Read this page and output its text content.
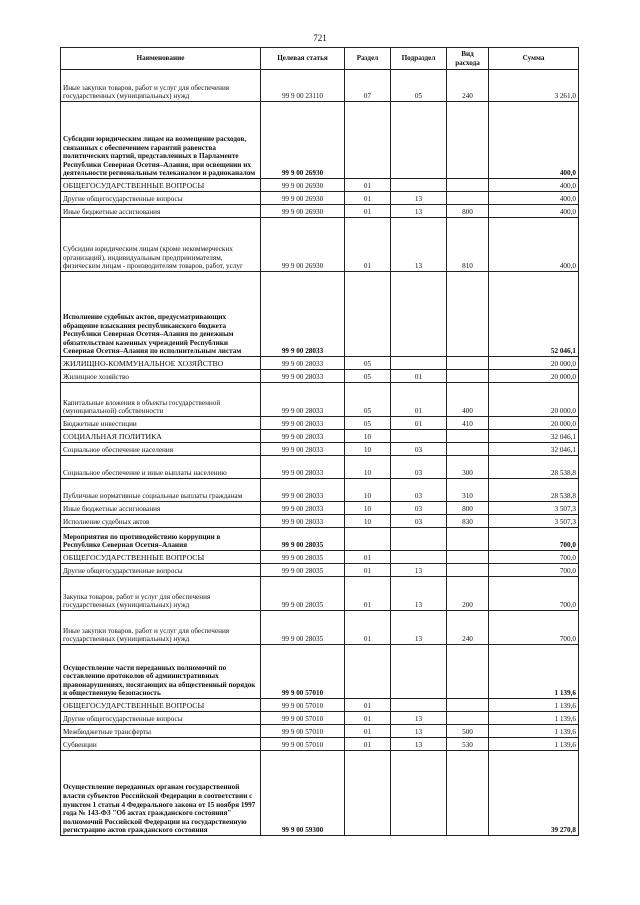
721
Наименование	Целевая статья	Раздел	Подраздел	Вид расхода	Сумма
Иные закупки товаров, работ и услуг для обеспечения государственных (муниципальных) нужд	99 9 00 23110	07	05	240	3 261,0
Субсидии юридическим лицам на возмещение расходов, связанных с обеспечением гарантий равенства политических партий, представленных в Парламенте Республики Северная Осетия–Алания, при освещении их деятельности региональным телеканалом и радиоканалом	99 9 00 26930				400,0
ОБЩЕГОСУДАРСТВЕННЫЕ ВОПРОСЫ	99 9 00 26930	01			400,0
Другие общегосударственные вопросы	99 9 00 26930	01	13		400,0
Иные бюджетные ассигнования	99 9 00 26930	01	13	800	400,0
Субсидии юридическим лицам (кроме некоммерческих организаций), индивидуальным предпринимателям, физическим лицам - производителям товаров, работ, услуг	99 9 00 26930	01	13	810	400,0
Исполнение судебных актов, предусматривающих обращение взыскания республиканского бюджета Республики Северная Осетия–Алания по денежным обязательствам казенных учреждений Республики Северная Осетия–Алания по исполнительным листам	99 9 00 28033				52 046,1
ЖИЛИЩНО-КОММУНАЛЬНОЕ ХОЗЯЙСТВО	99 9 00 28033	05			20 000,0
Жилищное хозяйство	99 9 00 28033	05	01		20 000,0
Капитальные вложения в объекты государственной (муниципальной) собственности	99 9 00 28033	05	01	400	20 000,0
Бюджетные инвестиции	99 9 00 28033	05	01	410	20 000,0
СОЦИАЛЬНАЯ ПОЛИТИКА	99 9 00 28033	10			32 046,1
Социальное обеспечение населения	99 9 00 28033	10	03		32 046,1
Социальное обеспечение и иные выплаты населению	99 9 00 28033	10	03	300	28 538,8
Публичные нормативные социальные выплаты гражданам	99 9 00 28033	10	03	310	28 538,8
Иные бюджетные ассигнования	99 9 00 28033	10	03	800	3 507,3
Исполнение судебных актов	99 9 00 28033	10	03	830	3 507,3
Мероприятия по противодействию коррупции в Республике Северная Осетия–Алания	99 9 00 28035				700,0
ОБЩЕГОСУДАРСТВЕННЫЕ ВОПРОСЫ	99 9 00 28035	01			700,0
Другие общегосударственные вопросы	99 9 00 28035	01	13		700,0
Закупка товаров, работ и услуг для обеспечения государственных (муниципальных) нужд	99 9 00 28035	01	13	200	700,0
Иные закупки товаров, работ и услуг для обеспечения государственных (муниципальных) нужд	99 9 00 28035	01	13	240	700,0
Осуществление части переданных полномочий по составлению протоколов об административных правонарушениях, посягающих на общественный порядок и общественную безопасность	99 9 00 57010				1 139,6
ОБЩЕГОСУДАРСТВЕННЫЕ ВОПРОСЫ	99 9 00 57010	01			1 139,6
Другие общегосударственные вопросы	99 9 00 57010	01	13		1 139,6
Межбюджетные трансферты	99 9 00 57010	01	13	500	1 139,6
Субвенции	99 9 00 57010	01	13	530	1 139,6
Осуществление переданных органам государственной власти субъектов Российской Федерации в соответствии с пунктом 1 статьи 4 Федерального закона от 15 ноября 1997 года № 143-ФЗ "Об актах гражданского состояния" полномочий Российской Федерации на государственную регистрацию актов гражданского состояния	99 9 00 59300				39 270,8
